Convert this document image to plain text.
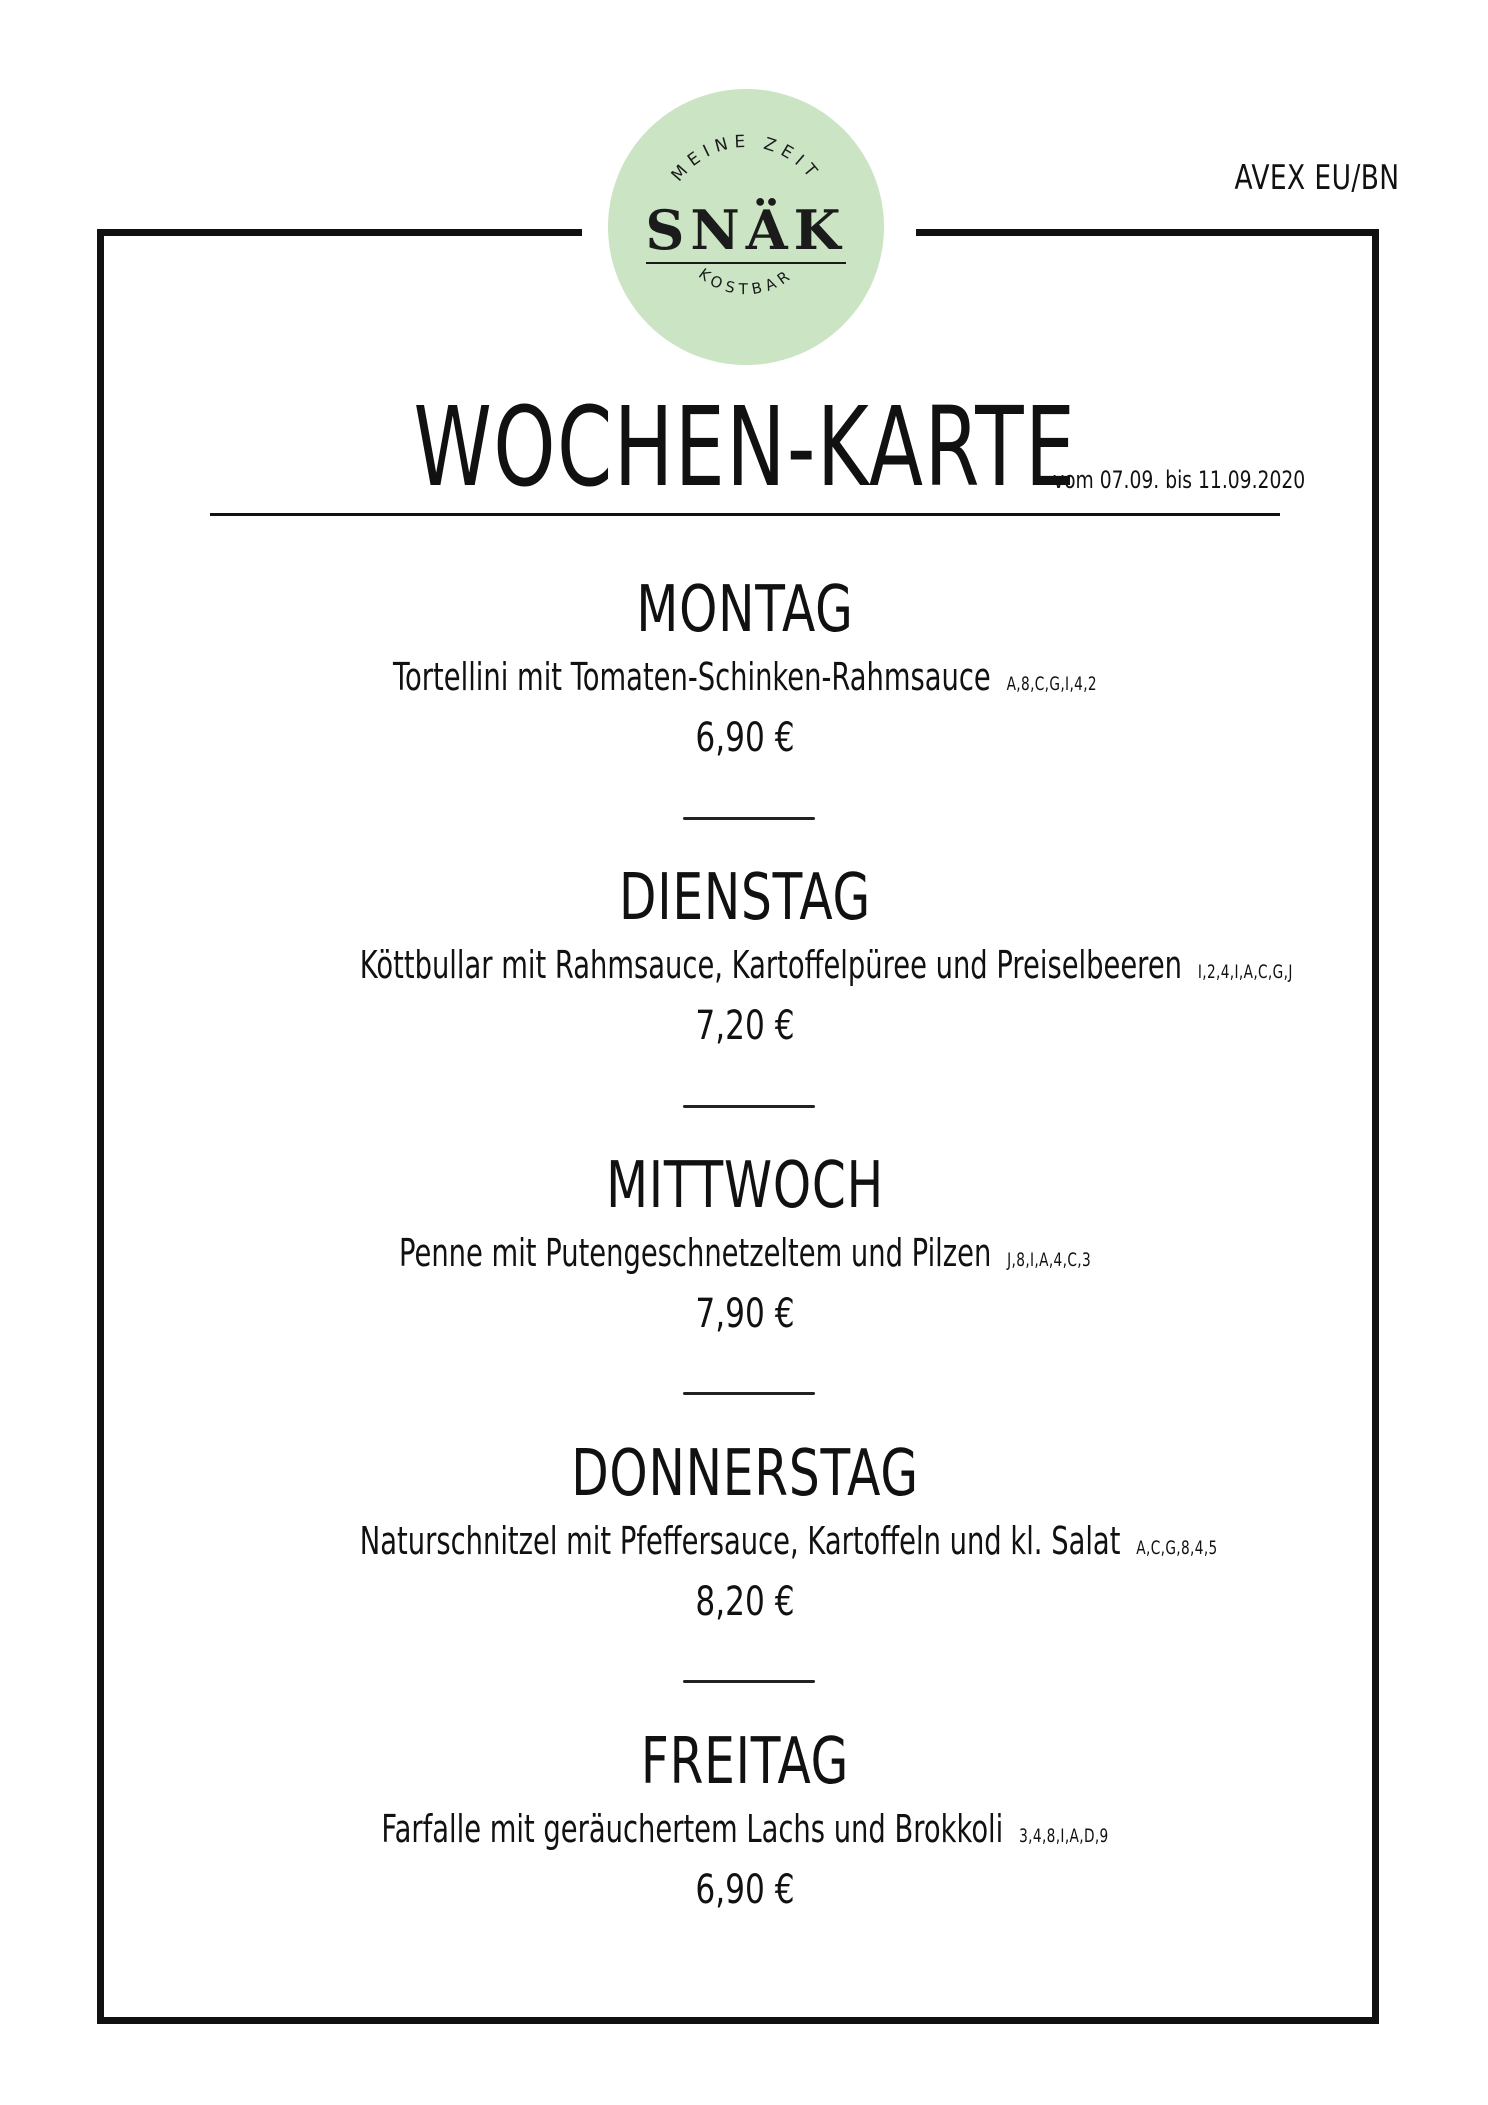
AVEX EU/BN
MEINE ZEIT
KOSTBAR
SNÄK
WOCHEN-KARTE
vom 07.09. bis 11.09.2020
MONTAG
Tortellini mit Tomaten-Schinken-Rahmsauce A,8,C,G,I,4,2
6,90 €
DIENSTAG
Köttbullar mit Rahmsauce, Kartoffelpüree und Preiselbeeren I,2,4,I,A,C,G,J
7,20 €
MITTWOCH
Penne mit Putengeschnetzeltem und Pilzen J,8,I,A,4,C,3
7,90 €
DONNERSTAG
Naturschnitzel mit Pfeffersauce, Kartoffeln und kl. Salat A,C,G,8,4,5
8,20 €
FREITAG
Farfalle mit geräuchertem Lachs und Brokkoli 3,4,8,I,A,D,9
6,90 €
